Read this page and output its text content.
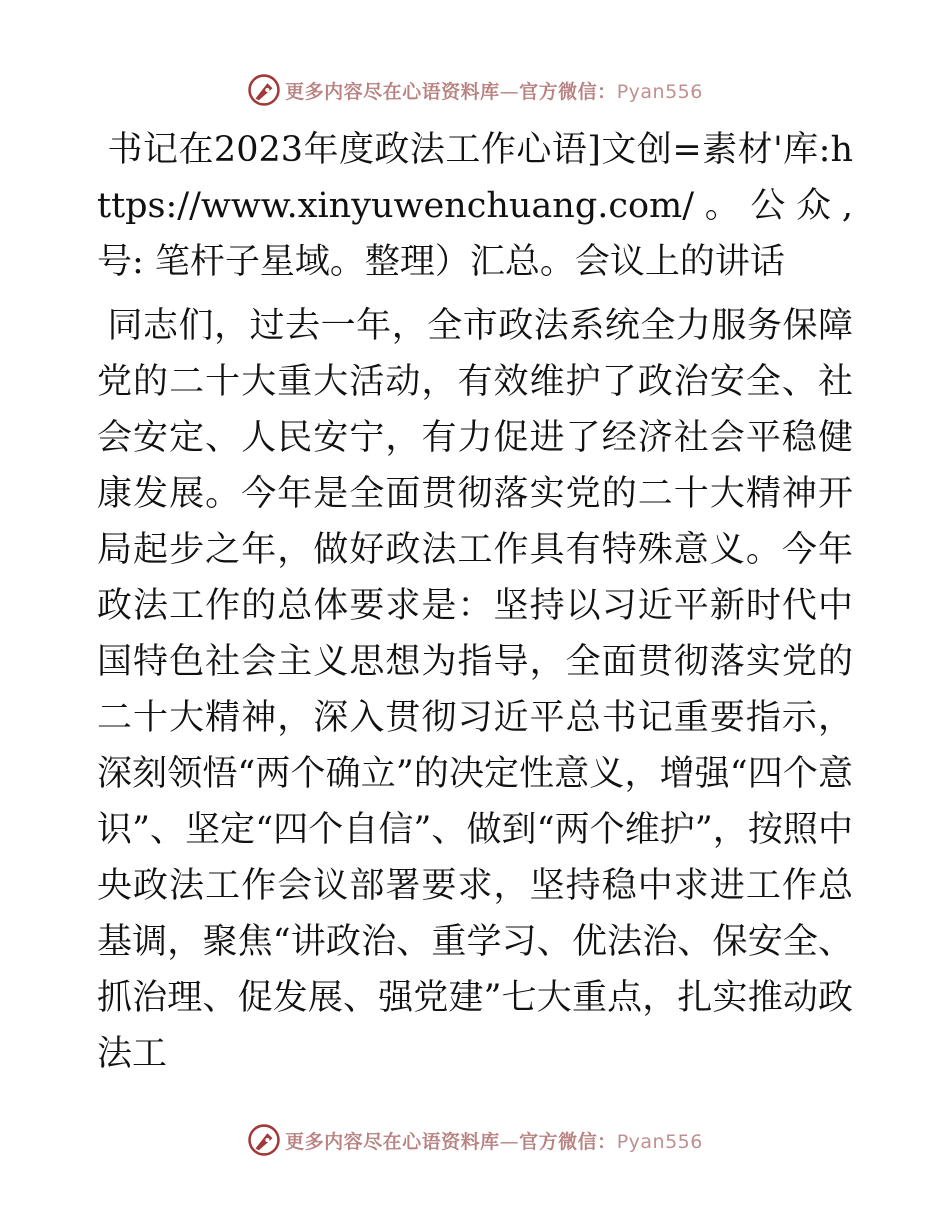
更多内容尽在心语资料库—官方微信：Pyan556

书记在2023年度政法工作心语]文创=素材'库:https://www.xinyuwenchuang.com/。公众,号: 笔杆子星域。整理）汇总。会议上的讲话

同志们，过去一年，全市政法系统全力服务保障党的二十大重大活动，有效维护了政治安全、社会安定、人民安宁，有力促进了经济社会平稳健康发展。今年是全面贯彻落实党的二十大精神开局起步之年，做好政法工作具有特殊意义。今年政法工作的总体要求是：坚持以习近平新时代中国特色社会主义思想为指导，全面贯彻落实党的二十大精神，深入贯彻习近平总书记重要指示，深刻领悟“两个确立”的决定性意义，增强“四个意识”、坚定“四个自信”、做到“两个维护”，按照中央政法工作会议部署要求，坚持稳中求进工作总基调，聚焦“讲政治、重学习、优法治、保安全、抓治理、促发展、强党建”七大重点，扎实推动政法工

更多内容尽在心语资料库—官方微信：Pyan556
